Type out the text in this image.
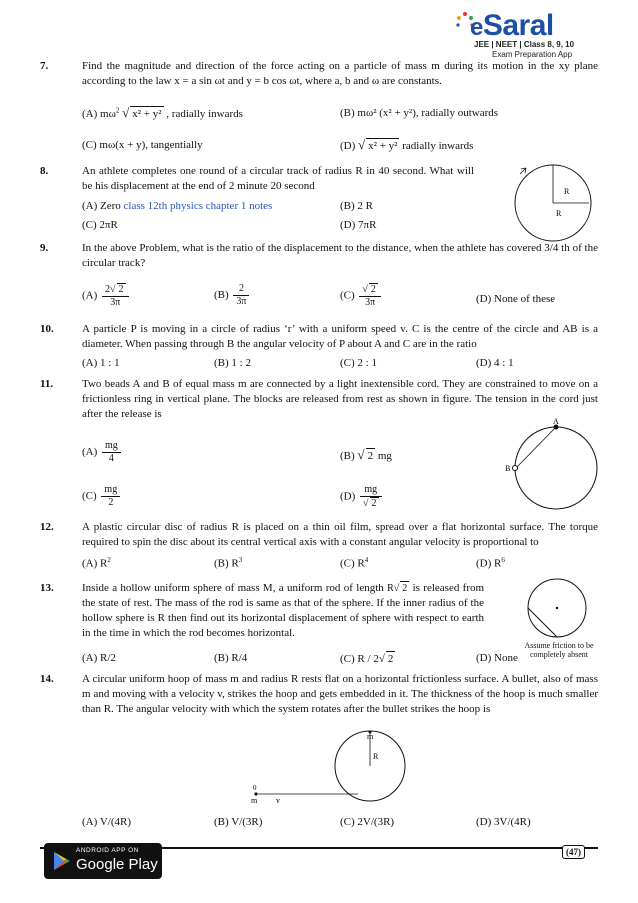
eSaral
JEE | NEET | Class 8, 9, 10
Exam Preparation App
7.	Find the magnitude and direction of the force acting on a particle of mass m during its motion in the xy plane according to the law x = a sin ωt and y = b cos ωt, where a, b and ω are constants.
(A) $m\omega^2$ √ x² + y² , radially inwards	(B) mω² (x² + y²), radially outwards
(C) mω(x + y), tangentially	(D) √ x² + y² radially inwards
8.	An athlete completes one round of a circular track of radius R in 40 second. What will be his displacement at the end of 2 minute 20 second
(A) Zero class 12th physics chapter 1 notes	(B) 2 R
(C) 2πR	(D) 7πR
R
R
9.	In the above Problem, what is the ratio of the displacement to the distance, when the athlete has covered 3/4 th of the circular track?
$(A) \frac{2√ 2}{3\pi}$	$(B) \frac{2}{3\pi}$	$(C) \frac{√ 2}{3\pi}$	(D) None of these
10.	A particle P is moving in a circle of radius ‘r’ with a uniform speed v. C is the centre of the circle and AB is a diameter. When passing through B the angular velocity of P about A and C are in the ratio
(A) 1 : 1	(B) 1 : 2	(C) 2 : 1	(D) 4 : 1
11.	Two beads A and B of equal mass m are connected by a light inextensible cord. They are constrained to move on a frictionless ring in vertical plane. The blocks are released from rest as shown in figure. The tension in the cord just after the release is
$(A) \frac{mg}{4}$	(B) √ 2 mg
$(C) \frac{mg}{2}$	$(D) \frac{mg}{√ 2}$
A
B
12.	A plastic circular disc of radius R is placed on a thin oil film, spread over a flat horizontal surface. The torque required to spin the disc about its central vertical axis with a constant angular velocity is proportional to
(A) $R^2$	(B) $R^3$	(C) $R^4$	(D) $R^6$
13.	Inside a hollow uniform sphere of mass M, a uniform rod of length R√ 2 is released from the state of rest. The mass of the rod is same as that of the sphere. If the inner radius of the hollow sphere is R then find out its horizontal displacement of sphere with respect to earth in the time in which the rod becomes horizontal.
(A) R/2	(B) R/4	(C) R / 2√ 2	(D) None
Assume friction to be completely absent
14.	A circular uniform hoop of mass m and radius R rests flat on a horizontal frictionless surface. A bullet, also of mass m and moving with a velocity v, strikes the hoop and gets embedded in it. The thickness of the hoop is much smaller than R. The angular velocity with which the system rotates after the bullet strikes the hoop is
m
R
m v
0
(A) V/(4R)	(B) V/(3R)	(C) 2V/(3R)	(D) 3V/(4R)
ANDROID APP ON
Google Play
(47)
